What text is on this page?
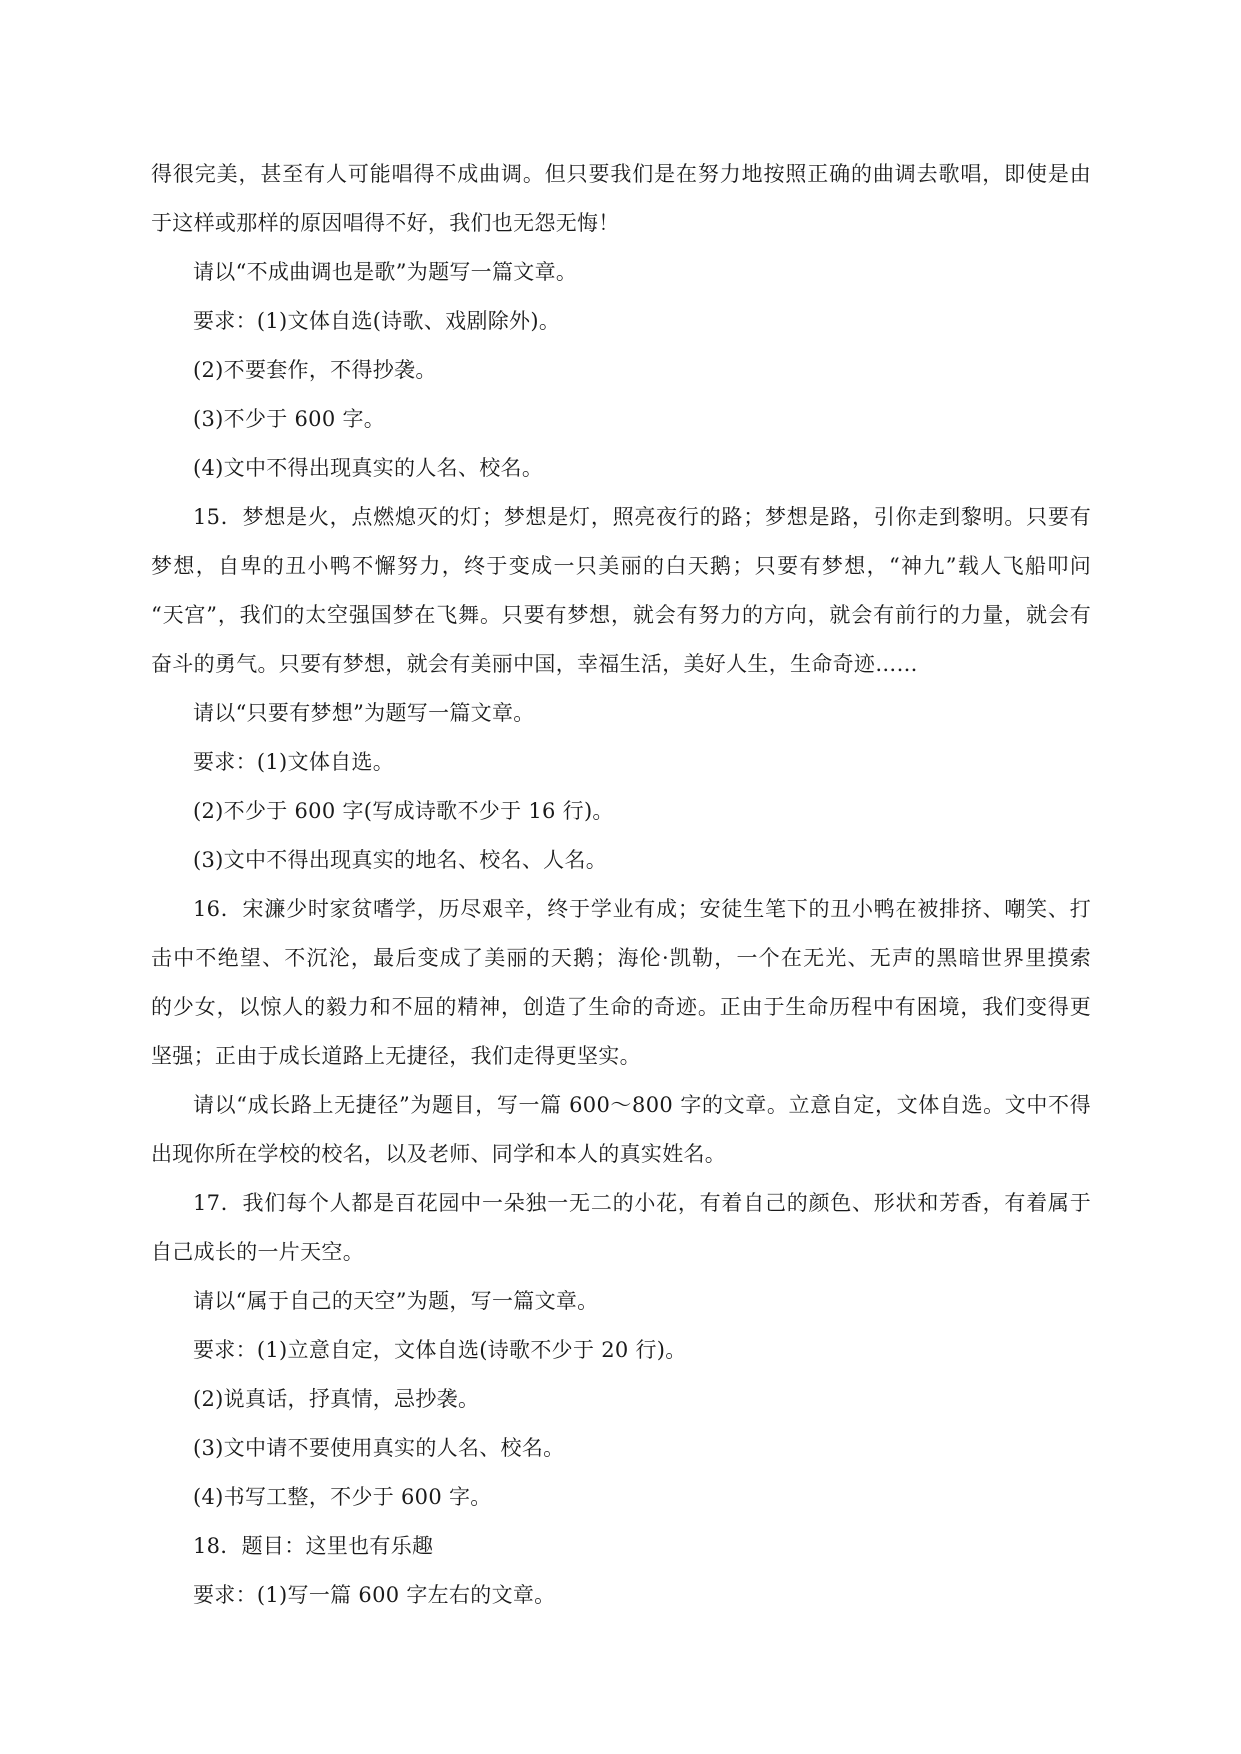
得很完美，甚至有人可能唱得不成曲调。但只要我们是在努力地按照正确的曲调去歌唱，即使是由
于这样或那样的原因唱得不好，我们也无怨无悔！
请以“不成曲调也是歌”为题写一篇文章。
要求：(1)文体自选(诗歌、戏剧除外)。
(2)不要套作，不得抄袭。
(3)不少于 600 字。
(4)文中不得出现真实的人名、校名。
15．梦想是火，点燃熄灭的灯；梦想是灯，照亮夜行的路；梦想是路，引你走到黎明。只要有
梦想，自卑的丑小鸭不懈努力，终于变成一只美丽的白天鹅；只要有梦想，“神九”载人飞船叩问
“天宫”，我们的太空强国梦在飞舞。只要有梦想，就会有努力的方向，就会有前行的力量，就会有
奋斗的勇气。只要有梦想，就会有美丽中国，幸福生活，美好人生，生命奇迹……
请以“只要有梦想”为题写一篇文章。
要求：(1)文体自选。
(2)不少于 600 字(写成诗歌不少于 16 行)。
(3)文中不得出现真实的地名、校名、人名。
16．宋濂少时家贫嗜学，历尽艰辛，终于学业有成；安徒生笔下的丑小鸭在被排挤、嘲笑、打
击中不绝望、不沉沦，最后变成了美丽的天鹅；海伦·凯勒，一个在无光、无声的黑暗世界里摸索
的少女，以惊人的毅力和不屈的精神，创造了生命的奇迹。正由于生命历程中有困境，我们变得更
坚强；正由于成长道路上无捷径，我们走得更坚实。
请以“成长路上无捷径”为题目，写一篇 600～800 字的文章。立意自定，文体自选。文中不得
出现你所在学校的校名，以及老师、同学和本人的真实姓名。
17．我们每个人都是百花园中一朵独一无二的小花，有着自己的颜色、形状和芳香，有着属于
自己成长的一片天空。
请以“属于自己的天空”为题，写一篇文章。
要求：(1)立意自定，文体自选(诗歌不少于 20 行)。
(2)说真话，抒真情，忌抄袭。
(3)文中请不要使用真实的人名、校名。
(4)书写工整，不少于 600 字。
18．题目：这里也有乐趣
要求：(1)写一篇 600 字左右的文章。
